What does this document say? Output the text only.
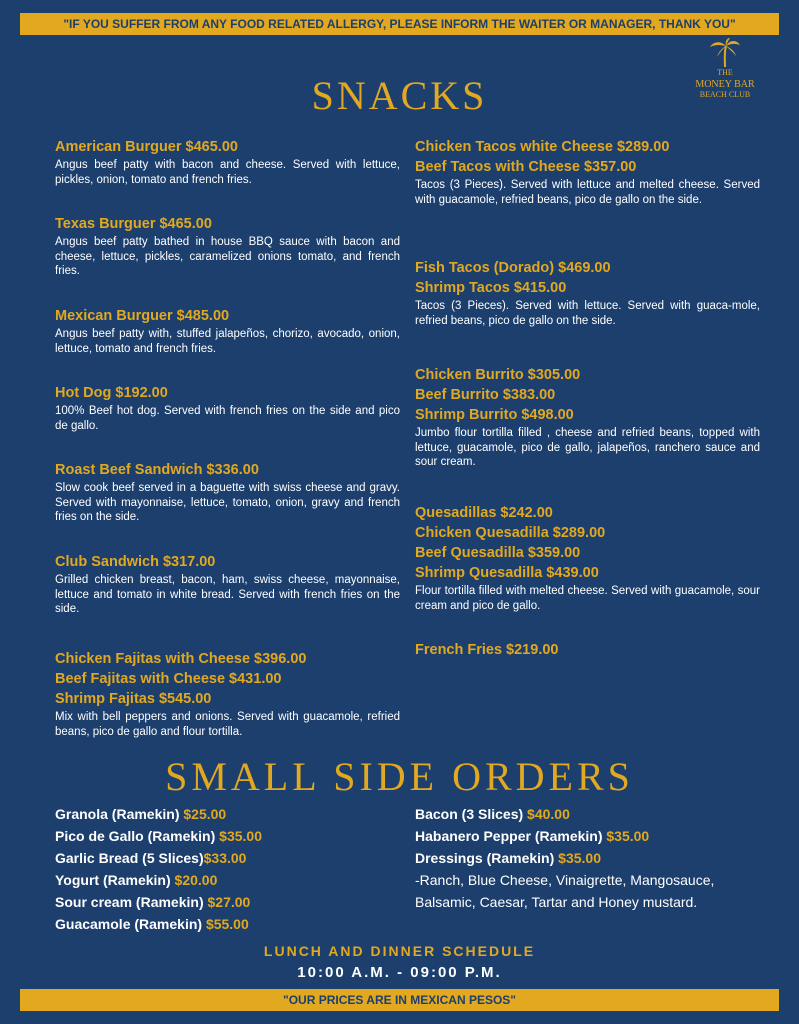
"IF YOU SUFFER FROM ANY FOOD RELATED ALLERGY, PLEASE INFORM THE WAITER OR MANAGER, THANK YOU"
THE
MONEY BAR
BEACH CLUB
SNACKS
American Burguer $465.00
Angus beef patty with bacon and cheese. Served with lettuce, pickles, onion, tomato and french fries.
Texas Burguer $465.00
Angus beef patty bathed in house BBQ sauce with bacon and cheese, lettuce, pickles, caramelized onions tomato, and french fries.
Mexican Burguer $485.00
Angus beef patty with, stuffed jalapeños, chorizo, avocado, onion, lettuce, tomato and french fries.
Hot Dog $192.00
100% Beef hot dog. Served with french fries on the side and pico de gallo.
Roast Beef Sandwich $336.00
Slow cook beef served in a baguette with swiss cheese and gravy. Served with mayonnaise, lettuce, tomato, onion, gravy and french fries on the side.
Club Sandwich $317.00
Grilled chicken breast, bacon, ham, swiss cheese, mayonnaise, lettuce and tomato in white bread. Served with french fries on the side.
Chicken Fajitas with Cheese $396.00
Beef Fajitas with Cheese $431.00
Shrimp Fajitas $545.00
Mix with bell peppers and onions. Served with guacamole, refried beans, pico de gallo and flour tortilla.
Chicken Tacos white Cheese $289.00
Beef Tacos with Cheese $357.00
Tacos (3 Pieces). Served with lettuce and melted cheese. Served with guacamole, refried beans, pico de gallo on the side.
Fish Tacos (Dorado) $469.00
Shrimp Tacos $415.00
Tacos (3 Pieces). Served with lettuce. Served with guaca-mole, refried beans, pico de gallo on the side.
Chicken Burrito $305.00
Beef Burrito $383.00
Shrimp Burrito $498.00
Jumbo flour tortilla filled , cheese and refried beans, topped with lettuce, guacamole, pico de gallo, jalapeños, ranchero sauce and sour cream.
Quesadillas $242.00
Chicken Quesadilla $289.00
Beef Quesadilla $359.00
Shrimp Quesadilla $439.00
Flour tortilla filled with melted cheese. Served with guacamole, sour cream and pico de gallo.
French Fries $219.00
SMALL SIDE ORDERS
Granola (Ramekin) $25.00
Pico de Gallo (Ramekin) $35.00
Garlic Bread (5 Slices)$33.00
Yogurt (Ramekin) $20.00
Sour cream (Ramekin) $27.00
Guacamole (Ramekin) $55.00
Bacon (3 Slices) $40.00
Habanero Pepper (Ramekin) $35.00
Dressings (Ramekin) $35.00
-Ranch, Blue Cheese, Vinaigrette, Mangosauce, Balsamic, Caesar, Tartar and Honey mustard.
LUNCH AND DINNER SCHEDULE
10:00 A.M. - 09:00 P.M.
"OUR PRICES ARE IN MEXICAN PESOS"
